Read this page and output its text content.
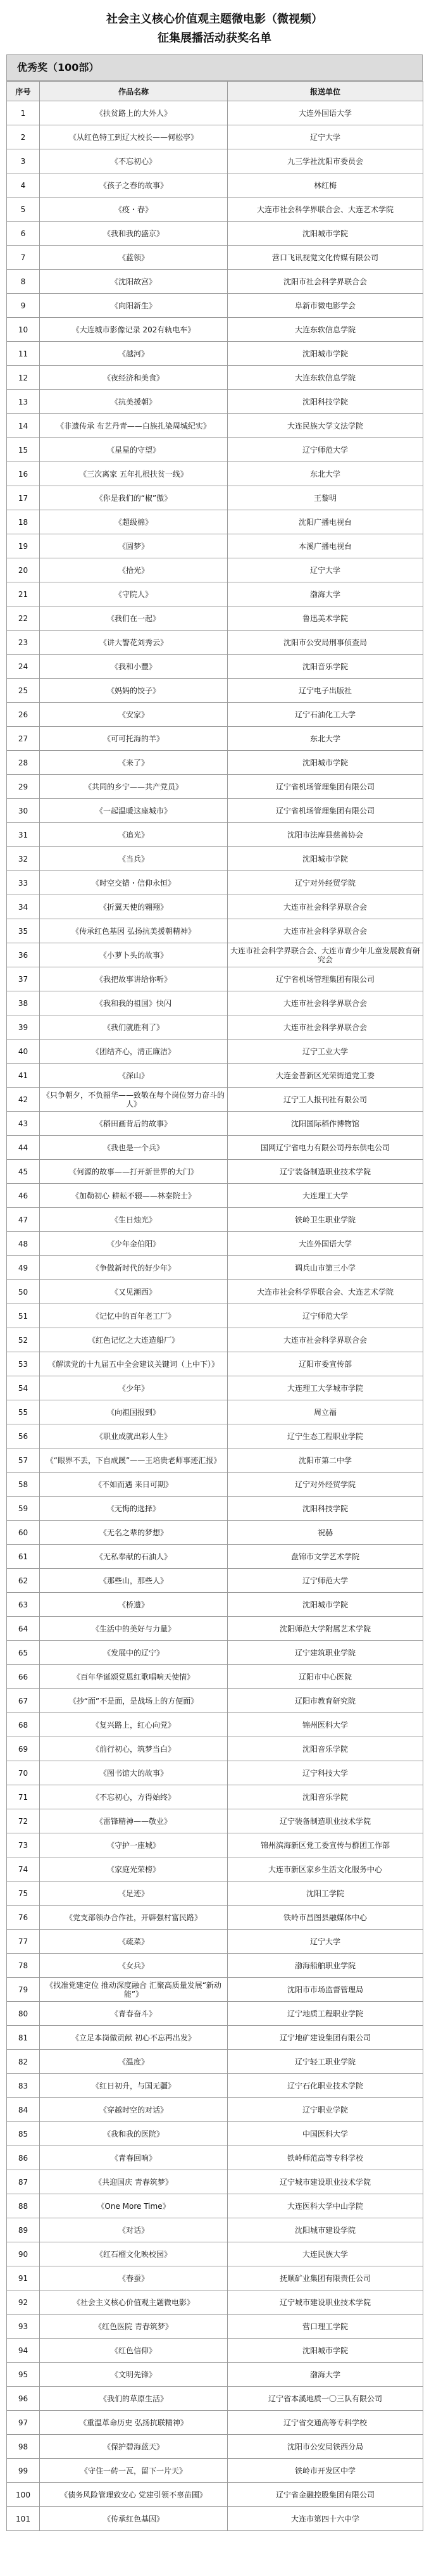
社会主义核心价值观主题微电影（微视频）
征集展播活动获奖名单
优秀奖（100部）
序号	作品名称	报送单位
1	《扶贫路上的大外人》	大连外国语大学
2	《从红色特工到辽大校长——何松亭》	辽宁大学
3	《不忘初心》	九三学社沈阳市委员会
4	《孩子之春的故事》	林红梅
5	《疫・春》	大连市社会科学界联合会、大连艺术学院
6	《我和我的盛京》	沈阳城市学院
7	《蓝领》	营口飞讯视觉文化传媒有限公司
8	《沈阳故宫》	沈阳市社会科学界联合会
9	《向阳新生》	阜新市微电影学会
10	《大连城市影像记录 202有轨电车》	大连东软信息学院
11	《越河》	沈阳城市学院
12	《夜经济和美食》	大连东软信息学院
13	《抗美援朝》	沈阳科技学院
14	《非遗传承 布艺丹青——白族扎染周城纪实》	大连民族大学文法学院
15	《星星的守望》	辽宁师范大学
16	《三次离家 五年扎根扶贫一线》	东北大学
17	《你是我们的“椒”傲》	王黎明
18	《超级棉》	沈阳广播电视台
19	《圆梦》	本溪广播电视台
20	《拾光》	辽宁大学
21	《守院人》	渤海大学
22	《我们在一起》	鲁迅美术学院
23	《讲大警花刘秀云》	沈阳市公安局刑事侦查局
24	《我和小豐》	沈阳音乐学院
25	《妈妈的饺子》	辽宁电子出版社
26	《安家》	辽宁石油化工大学
27	《可可托海的羊》	东北大学
28	《来了》	沈阳城市学院
29	《共同的乡宁——共产党员》	辽宁省机场管理集团有限公司
30	《一起温暖这座城市》	辽宁省机场管理集团有限公司
31	《追光》	沈阳市法库县慈善协会
32	《当兵》	沈阳城市学院
33	《时空交错・信仰永恒》	辽宁对外经贸学院
34	《折翼天使的翱翔》	大连市社会科学界联合会
35	《传承红色基因 弘扬抗美援朝精神》	大连市社会科学界联合会
36	《小萝卜头的故事》	大连市社会科学界联合会、大连市青少年儿童发展教育研究会
37	《我把故事讲给你听》	辽宁省机场管理集团有限公司
38	《我和我的祖国》快闪	大连市社会科学界联合会
39	《我们就胜利了》	大连市社会科学界联合会
40	《团结齐心，清正廉洁》	辽宁工业大学
41	《深山》	大连金普新区光荣街道党工委
42	《只争朝夕，不负韶华——致敬在每个岗位努力奋斗的人》	辽宁工人报刊社有限公司
43	《稻田画背后的故事》	沈阳国际稻作博物馆
44	《我也是一个兵》	国网辽宁省电力有限公司丹东供电公司
45	《何源的故事——打开新世界的大门》	辽宁装备制造职业技术学院
46	《加勒初心 耕耘不辍——林秦院士》	大连理工大学
47	《生日烛光》	铁岭卫生职业学院
48	《少年金伯阳》	大连外国语大学
49	《争做新时代的好少年》	调兵山市第三小学
50	《又见潮西》	大连市社会科学界联合会、大连艺术学院
51	《记忆中的百年老工厂》	辽宁师范大学
52	《红色记忆之大连造船厂》	大连市社会科学界联合会
53	《解读党的十九届五中全会建议关键词（上中下）》	辽阳市委宣传部
54	《少年》	大连理工大学城市学院
55	《向祖国报到》	周立福
56	《职业成就出彩人生》	辽宁生态工程职业学院
57	《“眼界不丢，下自成蹊”——王培贵老师事迹汇报》	沈阳市第二中学
58	《不如而遇 来日可期》	辽宁对外经贸学院
59	《无悔的选择》	沈阳科技学院
60	《无名之辈的梦想》	祝赫
61	《无私奉献的石油人》	盘锦市文学艺术学院
62	《那些山，那些人》	辽宁师范大学
63	《桥遗》	沈阳城市学院
64	《生活中的美好与力量》	沈阳师范大学附属艺术学院
65	《发展中的辽宁》	辽宁建筑职业学院
66	《百年华诞颂党恩红歌唱响天使情》	辽阳市中心医院
67	《抄“面”不是面，是战场上的方便面》	辽阳市教育研究院
68	《复兴路上，红心向党》	锦州医科大学
69	《前行初心，筑梦当白》	沈阳音乐学院
70	《图书馆大的故事》	辽宁科技大学
71	《不忘初心，方得始终》	沈阳音乐学院
72	《雷锋精神——敬业》	辽宁装备制造职业技术学院
73	《守护一座城》	锦州滨海新区党工委宣传与群团工作部
74	《家庭光荣榜》	大连市新区家乡生活文化服务中心
75	《足迹》	沈阳工学院
76	《党支部领办合作社，开辟强村富民路》	铁岭市昌图县融媒体中心
77	《疏菜》	辽宁大学
78	《女兵》	渤海船舶职业学院
79	《找准党建定位 推动深度融合 汇聚高质量发展“新动能”》	沈阳市市场监督管理局
80	《青春奋斗》	辽宁地质工程职业学院
81	《立足本岗做贡献 初心不忘再出发》	辽宁地矿建设集团有限公司
82	《温度》	辽宁轻工职业学院
83	《红日初升，与国无疆》	辽宁石化职业技术学院
84	《穿越时空的对话》	辽宁职业学院
85	《我和我的医院》	中国医科大学
86	《青春回响》	铁岭师范高等专科学校
87	《共迎国庆 青春筑梦》	辽宁城市建设职业技术学院
88	《One More Time》	大连医科大学中山学院
89	《对话》	沈阳城市建设学院
90	《红石榴文化映校园》	大连民族大学
91	《春蚕》	抚顺矿业集团有限责任公司
92	《社会主义核心价值观主题微电影》	辽宁城市建设职业技术学院
93	《红色医院 青春筑梦》	营口理工学院
94	《红色信仰》	沈阳城市学院
95	《文明先锋》	渤海大学
96	《我们的草原生活》	辽宁省本溪地质一〇三队有限公司
97	《重温革命历史 弘扬抗联精神》	辽宁省交通高等专科学校
98	《保护碧海蓝天》	沈阳市公安局铁西分局
99	《守住一砖一瓦，留下一片天》	铁岭市开发区中学
100	《债务风险管理致安心 党建引领不辜苗圃》	辽宁省金融控股集团有限公司
101	《传承红色基因》	大连市第四十六中学
